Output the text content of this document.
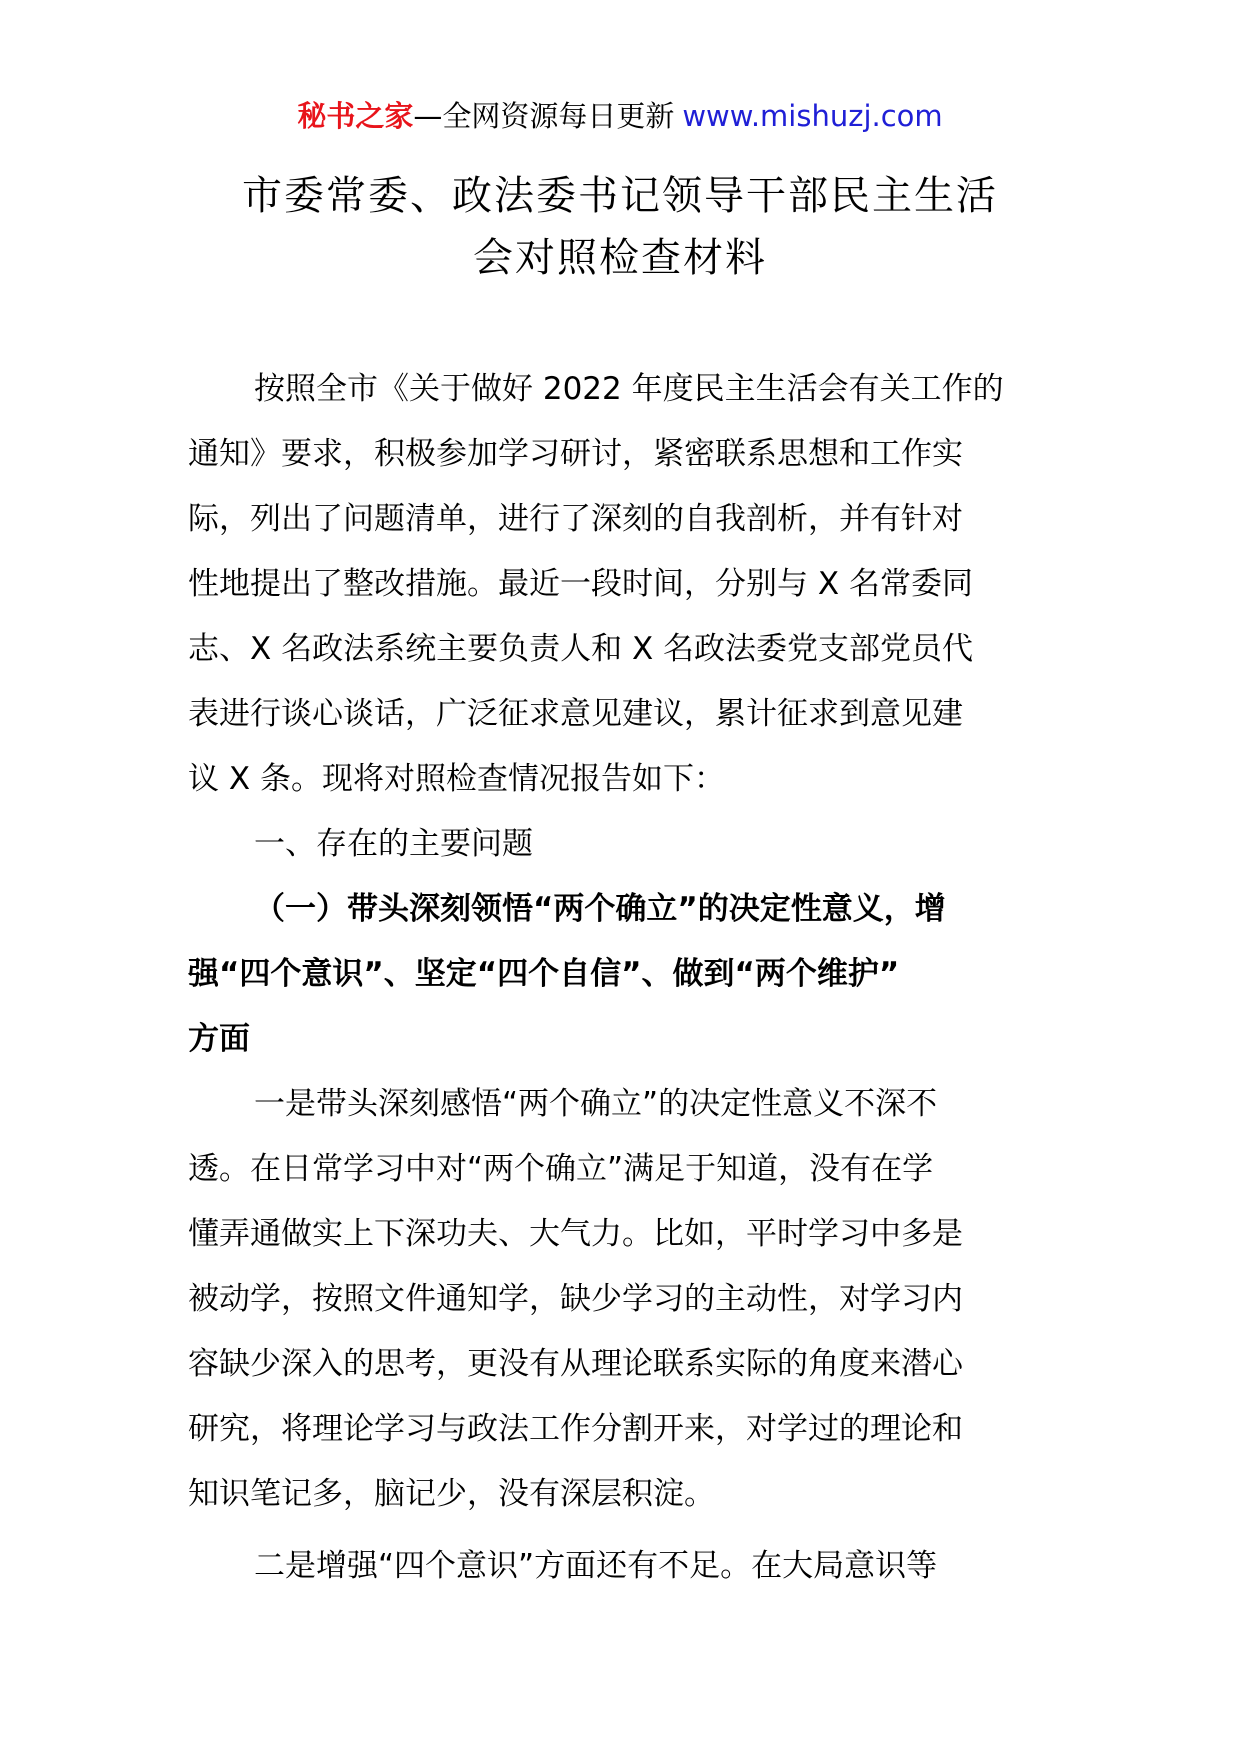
秘书之家—全网资源每日更新 www.mishuzj.com
市委常委、政法委书记领导干部民主生活
会对照检查材料
按照全市《关于做好 2022 年度民主生活会有关工作的
通知》要求，积极参加学习研讨，紧密联系思想和工作实
际，列出了问题清单，进行了深刻的自我剖析，并有针对
性地提出了整改措施。最近一段时间，分别与 X 名常委同
志、X 名政法系统主要负责人和 X 名政法委党支部党员代
表进行谈心谈话，广泛征求意见建议，累计征求到意见建
议 X 条。现将对照检查情况报告如下：
一、存在的主要问题
（一）带头深刻领悟“两个确立”的决定性意义，增
强“四个意识”、坚定“四个自信”、做到“两个维护”
方面
一是带头深刻感悟“两个确立”的决定性意义不深不
透。在日常学习中对“两个确立”满足于知道，没有在学
懂弄通做实上下深功夫、大气力。比如，平时学习中多是
被动学，按照文件通知学，缺少学习的主动性，对学习内
容缺少深入的思考，更没有从理论联系实际的角度来潜心
研究，将理论学习与政法工作分割开来，对学过的理论和
知识笔记多，脑记少，没有深层积淀。
二是增强“四个意识”方面还有不足。在大局意识等
